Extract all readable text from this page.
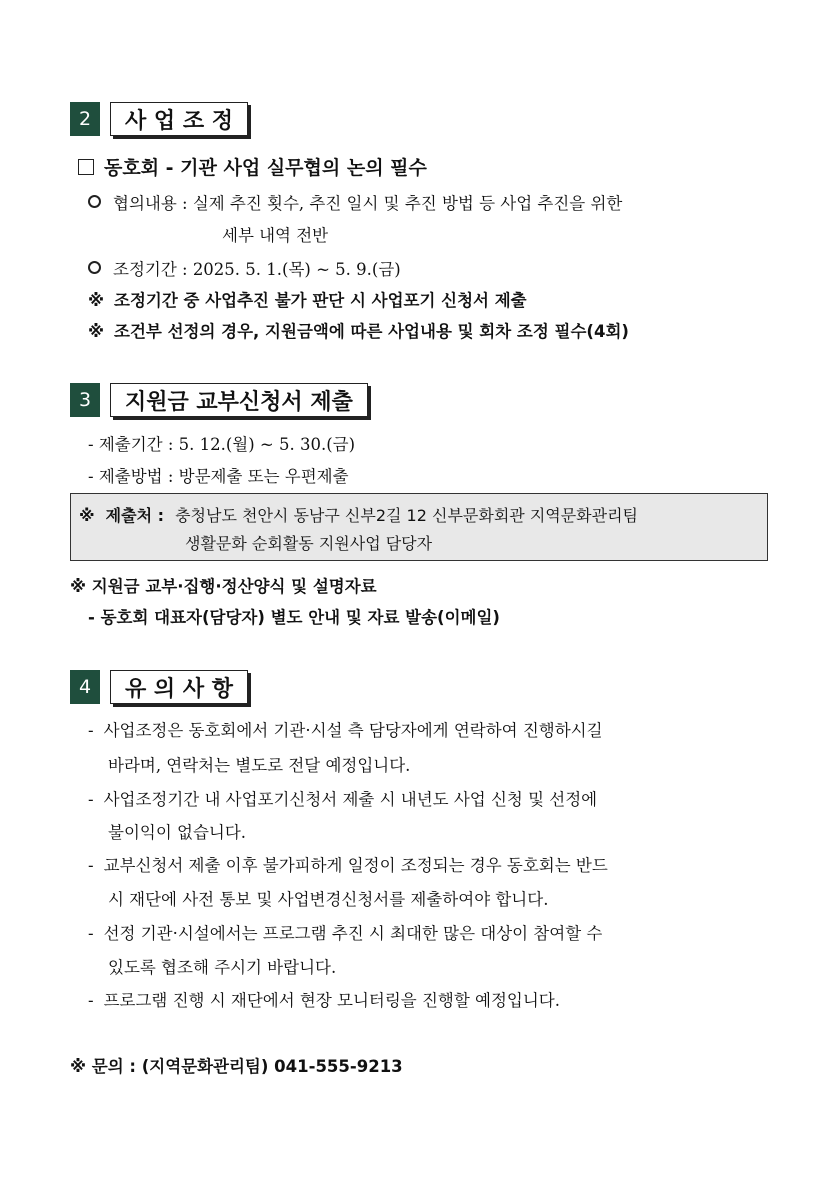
2	사 업 조 정
동호회 - 기관 사업 실무협의 논의 필수
협의내용 : 실제 추진 횟수, 추진 일시 및 추진 방법 등 사업 추진을 위한
세부 내역 전반
조정기간 : 2025. 5. 1.(목) ~ 5. 9.(금)
※ 조정기간 중 사업추진 불가 판단 시 사업포기 신청서 제출
※ 조건부 선정의 경우, 지원금액에 따른 사업내용 및 회차 조정 필수(4회)
3	지원금 교부신청서 제출
- 제출기간 : 5. 12.(월) ~ 5. 30.(금)
- 제출방법 : 방문제출 또는 우편제출
※ 제출처 : 충청남도 천안시 동남구 신부2길 12 신부문화회관 지역문화관리팀
생활문화 순회활동 지원사업 담당자
※ 지원금 교부·집행·정산양식 및 설명자료
- 동호회 대표자(담당자) 별도 안내 및 자료 발송(이메일)
4	유 의 사 항
- 사업조정은 동호회에서 기관·시설 측 담당자에게 연락하여 진행하시길
바라며, 연락처는 별도로 전달 예정입니다.
- 사업조정기간 내 사업포기신청서 제출 시 내년도 사업 신청 및 선정에
불이익이 없습니다.
- 교부신청서 제출 이후 불가피하게 일정이 조정되는 경우 동호회는 반드
시 재단에 사전 통보 및 사업변경신청서를 제출하여야 합니다.
- 선정 기관·시설에서는 프로그램 추진 시 최대한 많은 대상이 참여할 수
있도록 협조해 주시기 바랍니다.
- 프로그램 진행 시 재단에서 현장 모니터링을 진행할 예정입니다.
※ 문의 : (지역문화관리팀) 041-555-9213
